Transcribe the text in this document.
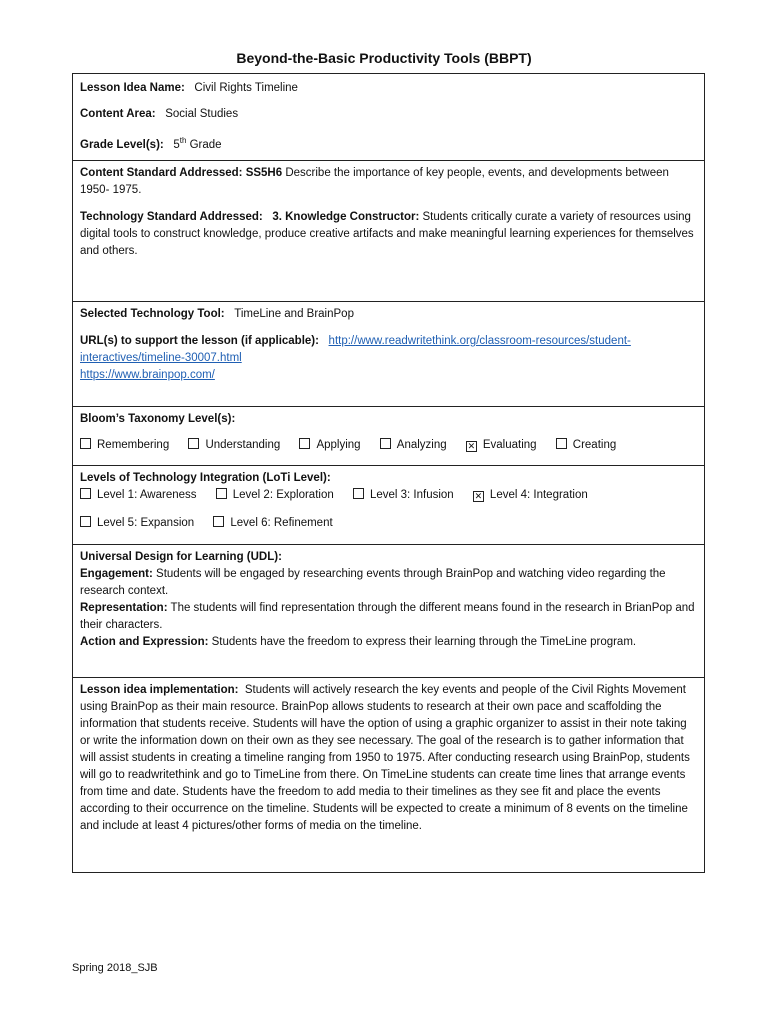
Beyond-the-Basic Productivity Tools (BBPT)
Lesson Idea Name: Civil Rights Timeline
Content Area: Social Studies
Grade Level(s): 5th Grade

Content Standard Addressed: SS5H6 Describe the importance of key people, events, and developments between 1950- 1975.
Technology Standard Addressed: 3. Knowledge Constructor: Students critically curate a variety of resources using digital tools to construct knowledge, produce creative artifacts and make meaningful learning experiences for themselves and others.

Selected Technology Tool: TimeLine and BrainPop
URL(s) to support the lesson (if applicable): http://www.readwritethink.org/classroom-resources/student-interactives/timeline-30007.html
https://www.brainpop.com/

Bloom’s Taxonomy Level(s):
Remembering	Understanding	Applying	Analyzing ✕ Evaluating	Creating

Levels of Technology Integration (LoTi Level):
Level 1: Awareness	Level 2: Exploration	Level 3: Infusion ✕ Level 4: Integration
Level 5: Expansion	Level 6: Refinement

Universal Design for Learning (UDL):
Engagement: Students will be engaged by researching events through BrainPop and watching video regarding the research context.
Representation: The students will find representation through the different means found in the research in BrianPop and their characters.
Action and Expression: Students have the freedom to express their learning through the TimeLine program.

Lesson idea implementation: Students will actively research the key events and people of the Civil Rights Movement using BrainPop as their main resource. BrainPop allows students to research at their own pace and scaffolding the information that students receive. Students will have the option of using a graphic organizer to assist in their note taking or write the information down on their own as they see necessary. The goal of the research is to gather information that will assist students in creating a timeline ranging from 1950 to 1975. After conducting research using BrainPop, students will go to readwritethink and go to TimeLine from there. On TimeLine students can create time lines that arrange events from time and date. Students have the freedom to add media to their timelines as they see fit and place the events according to their occurrence on the timeline. Students will be expected to create a minimum of 8 events on the timeline and include at least 4 pictures/other forms of media on the timeline.
Spring 2018_SJB
